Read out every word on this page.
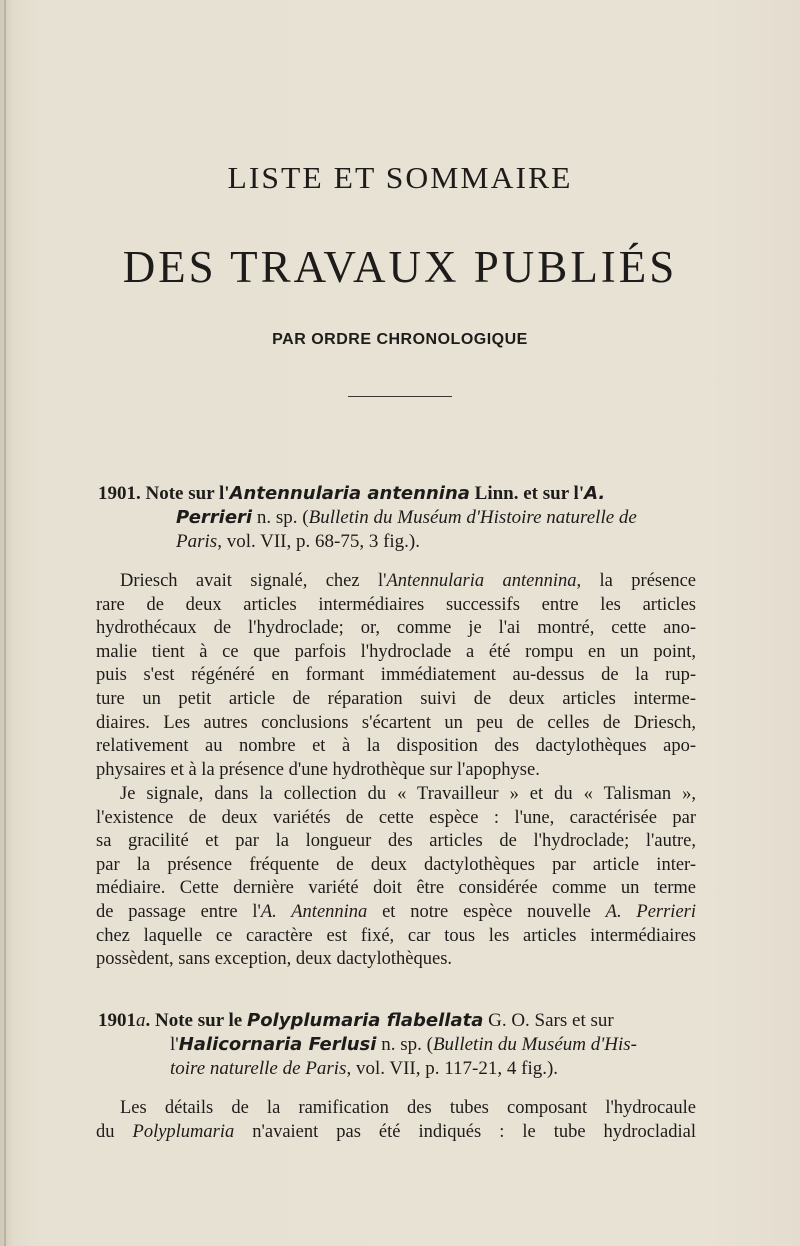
LISTE ET SOMMAIRE
DES TRAVAUX PUBLIÉS
PAR ORDRE CHRONOLOGIQUE
1901. Note sur l'Antennularia antennina Linn. et sur l'A.
Perrieri n. sp. (Bulletin du Muséum d'Histoire naturelle de
Paris, vol. VII, p. 68-75, 3 fig.).
Driesch avait signalé, chez l'Antennularia antennina, la présence
rare de deux articles intermédiaires successifs entre les articles
hydrothécaux de l'hydroclade; or, comme je l'ai montré, cette ano-
malie tient à ce que parfois l'hydroclade a été rompu en un point,
puis s'est régénéré en formant immédiatement au-dessus de la rup-
ture un petit article de réparation suivi de deux articles interme-
diaires. Les autres conclusions s'écartent un peu de celles de Driesch,
relativement au nombre et à la disposition des dactylothèques apo-
physaires et à la présence d'une hydrothèque sur l'apophyse.
Je signale, dans la collection du « Travailleur » et du « Talisman »,
l'existence de deux variétés de cette espèce : l'une, caractérisée par
sa gracilité et par la longueur des articles de l'hydroclade; l'autre,
par la présence fréquente de deux dactylothèques par article inter-
médiaire. Cette dernière variété doit être considérée comme un terme
de passage entre l'A. Antennina et notre espèce nouvelle A. Perrieri
chez laquelle ce caractère est fixé, car tous les articles intermédiaires
possèdent, sans exception, deux dactylothèques.
1901a. Note sur le Polyplumaria flabellata G. O. Sars et sur
l'Halicornaria Ferlusi n. sp. (Bulletin du Muséum d'His-
toire naturelle de Paris, vol. VII, p. 117-21, 4 fig.).
Les détails de la ramification des tubes composant l'hydrocaule
du Polyplumaria n'avaient pas été indiqués : le tube hydrocladial
